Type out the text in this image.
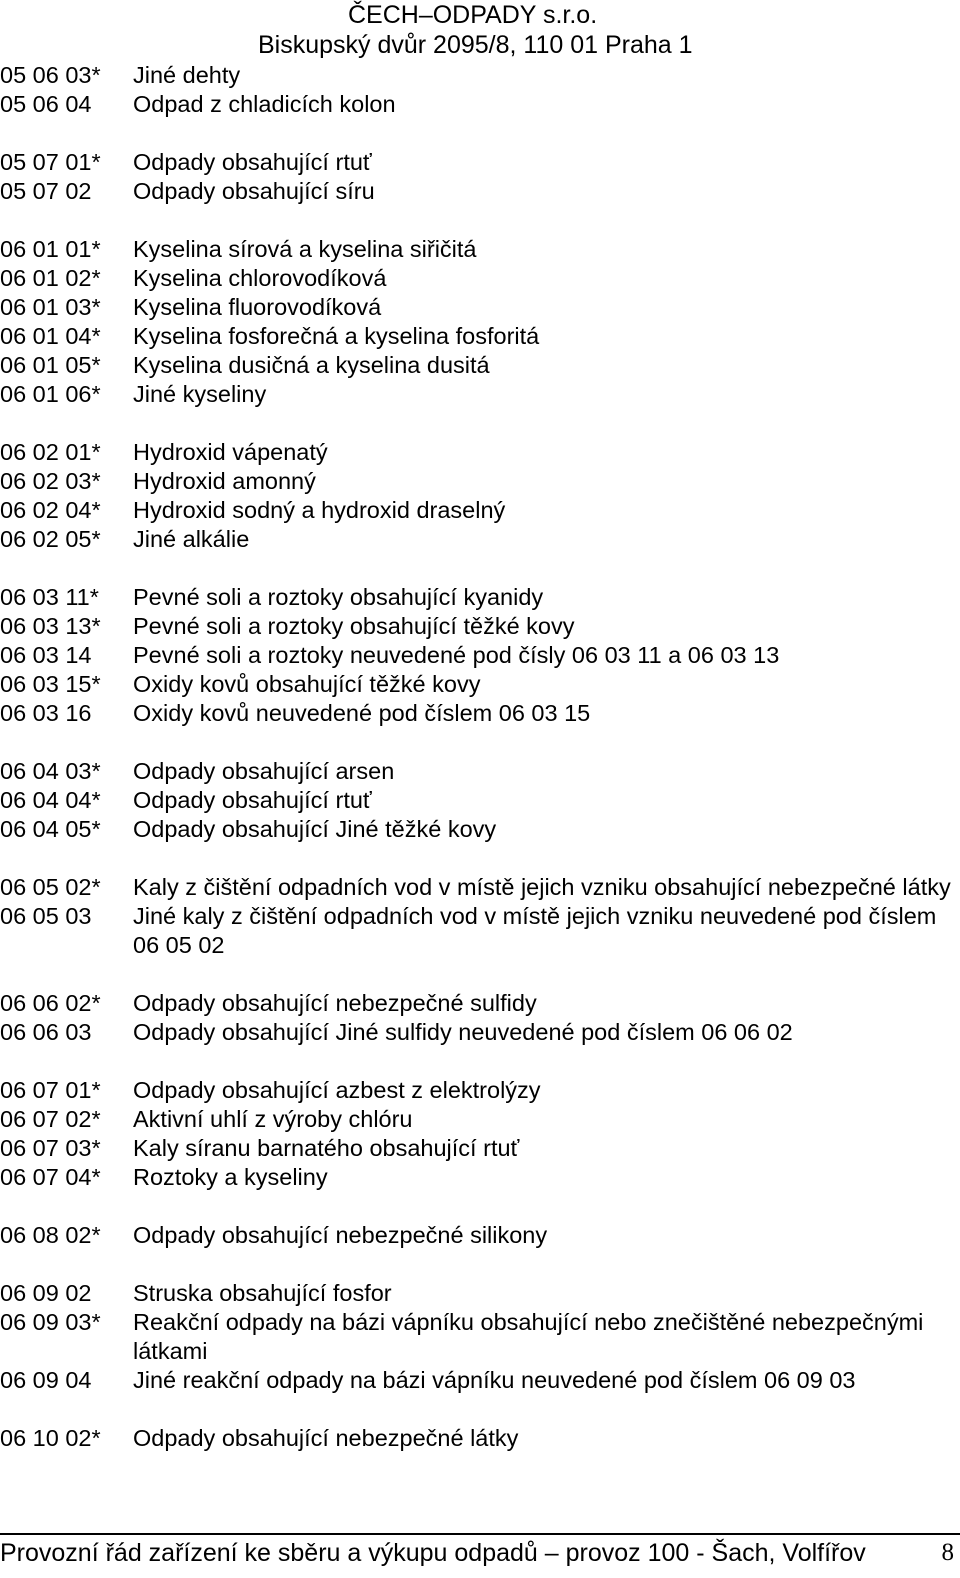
ČECH–ODPADY s.r.o.
Biskupský dvůr 2095/8, 110 01 Praha 1
05 06 03*	Jiné dehty
05 06 04	Odpad z chladicích kolon
05 07 01*	Odpady obsahující rtuť
05 07 02	Odpady obsahující síru
06 01 01*	Kyselina sírová a kyselina siřičitá
06 01 02*	Kyselina chlorovodíková
06 01 03*	Kyselina fluorovodíková
06 01 04*	Kyselina fosforečná a kyselina fosforitá
06 01 05*	Kyselina dusičná a kyselina dusitá
06 01 06*	Jiné kyseliny
06 02 01*	Hydroxid vápenatý
06 02 03*	Hydroxid amonný
06 02 04*	Hydroxid sodný a hydroxid draselný
06 02 05*	Jiné alkálie
06 03 11*	Pevné soli a roztoky obsahující kyanidy
06 03 13*	Pevné soli a roztoky obsahující těžké kovy
06 03 14	Pevné soli a roztoky neuvedené pod čísly 06 03 11 a 06 03 13
06 03 15*	Oxidy kovů obsahující těžké kovy
06 03 16	Oxidy kovů neuvedené pod číslem 06 03 15
06 04 03*	Odpady obsahující arsen
06 04 04*	Odpady obsahující rtuť
06 04 05*	Odpady obsahující Jiné těžké kovy
06 05 02*	Kaly z čištění odpadních vod v místě jejich vzniku obsahující nebezpečné látky
06 05 03	Jiné kaly z čištění odpadních vod v místě jejich vzniku neuvedené pod číslem 06 05 02
06 06 02*	Odpady obsahující nebezpečné sulfidy
06 06 03	Odpady obsahující Jiné sulfidy neuvedené pod číslem 06 06 02
06 07 01*	Odpady obsahující azbest z elektrolýzy
06 07 02*	Aktivní uhlí z výroby chlóru
06 07 03*	Kaly síranu barnatého obsahující rtuť
06 07 04*	Roztoky a kyseliny
06 08 02*	Odpady obsahující nebezpečné silikony
06 09 02	Struska obsahující fosfor
06 09 03*	Reakční odpady na bázi vápníku obsahující nebo znečištěné nebezpečnými látkami
06 09 04	Jiné reakční odpady na bázi vápníku neuvedené pod číslem 06 09 03
06 10 02*	Odpady obsahující nebezpečné látky
Provozní řád zařízení ke sběru a výkupu odpadů – provoz 100 - Šach, Volfířov	8
